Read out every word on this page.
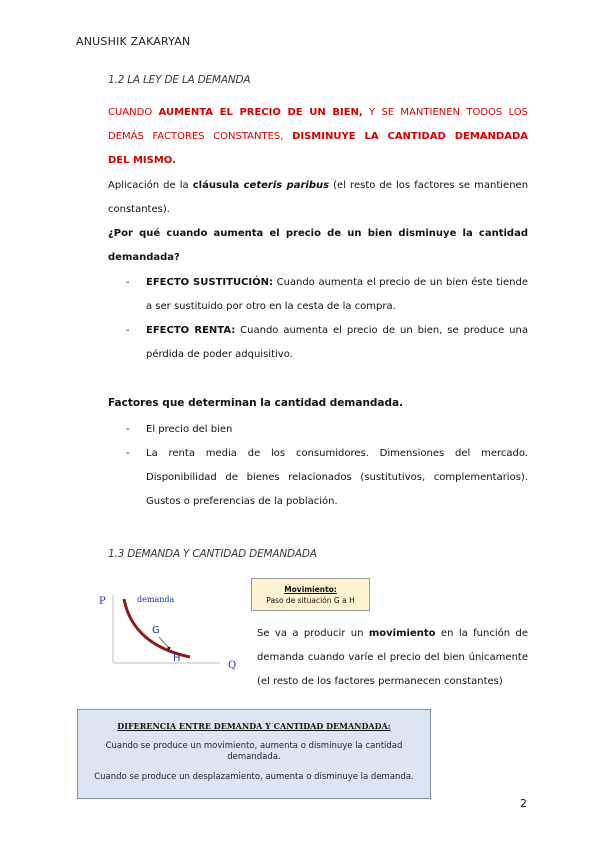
ANUSHIK ZAKARYAN
1.2 LA LEY DE LA DEMANDA
CUANDO AUMENTA EL PRECIO DE UN BIEN, Y SE MANTIENEN TODOS LOS
DEMÁS FACTORES CONSTANTES, DISMINUYE LA CANTIDAD DEMANDADA
DEL MISMO.
Aplicación de la cláusula ceteris paribus (el resto de los factores se mantienen constantes).
¿Por qué cuando aumenta el precio de un bien disminuye la cantidad demandada?
- EFECTO SUSTITUCIÓN: Cuando aumenta el precio de un bien éste tiende a ser sustituido por otro en la cesta de la compra.
- EFECTO RENTA: Cuando aumenta el precio de un bien, se produce una pérdida de poder adquisitivo.
Factores que determinan la cantidad demandada.
- El precio del bien
- La renta media de los consumidores. Dimensiones del mercado. Disponibilidad de bienes relacionados (sustitutivos, complementarios). Gustos o preferencias de la población.
1.3 DEMANDA Y CANTIDAD DEMANDADA
P
Q
demanda
G
H
Movimiento:
Paso de situación G a H
Se va a producir un movimiento en la función de demanda cuando varíe el precio del bien únicamente (el resto de los factores permanecen constantes)
DIFERENCIA ENTRE DEMANDA Y CANTIDAD DEMANDADA:
Cuando se produce un movimiento, aumenta o disminuye la cantidad demandada.
Cuando se produce un desplazamiento, aumenta o disminuye la demanda.
2
